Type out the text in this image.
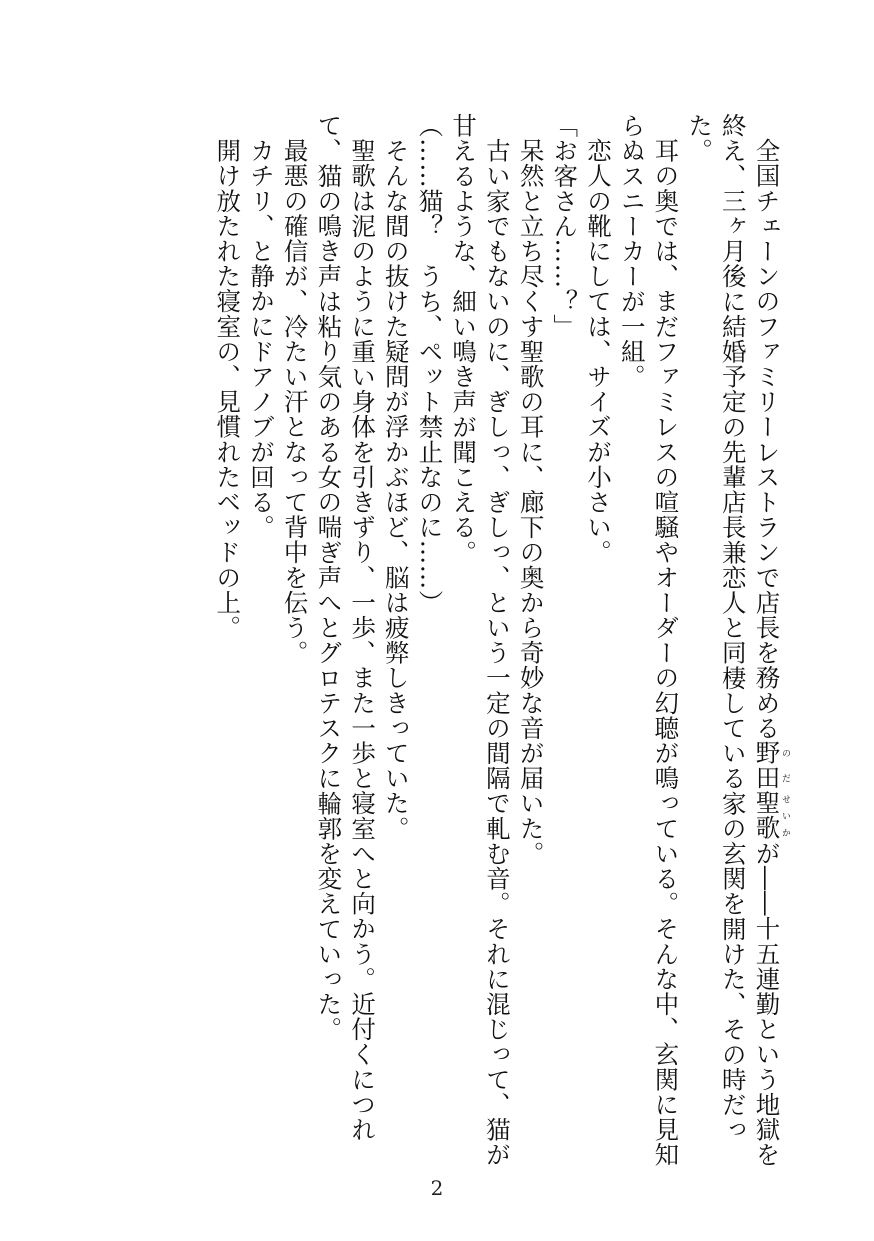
全国チェーンのファミリーレストランで店長を務める野田のだ聖歌せいかが――十五連勤という地獄を終え、三ヶ月後に結婚予定の先輩店長兼恋人と同棲している家の玄関を開けた、その時だった。

耳の奥では、まだファミレスの喧騒やオーダーの幻聴が鳴っている。そんな中、玄関に見知らぬスニーカーが一組。

恋人の靴にしては、サイズが小さい。

「お客さん……？」

呆然と立ち尽くす聖歌の耳に、廊下の奥から奇妙な音が届いた。

古い家でもないのに、ぎしっ、ぎしっ、という一定の間隔で軋む音。それに混じって、猫が甘えるような、細い鳴き声が聞こえる。

（……猫？　うち、ペット禁止なのに……）

そんな間の抜けた疑問が浮かぶほど、脳は疲弊しきっていた。

聖歌は泥のように重い身体を引きずり、一歩、また一歩と寝室へと向かう。近付くにつれて、猫の鳴き声は粘り気のある女の喘ぎ声へとグロテスクに輪郭を変えていった。

最悪の確信が、冷たい汗となって背中を伝う。

カチリ、と静かにドアノブが回る。

開け放たれた寝室の、見慣れたベッドの上。

2
